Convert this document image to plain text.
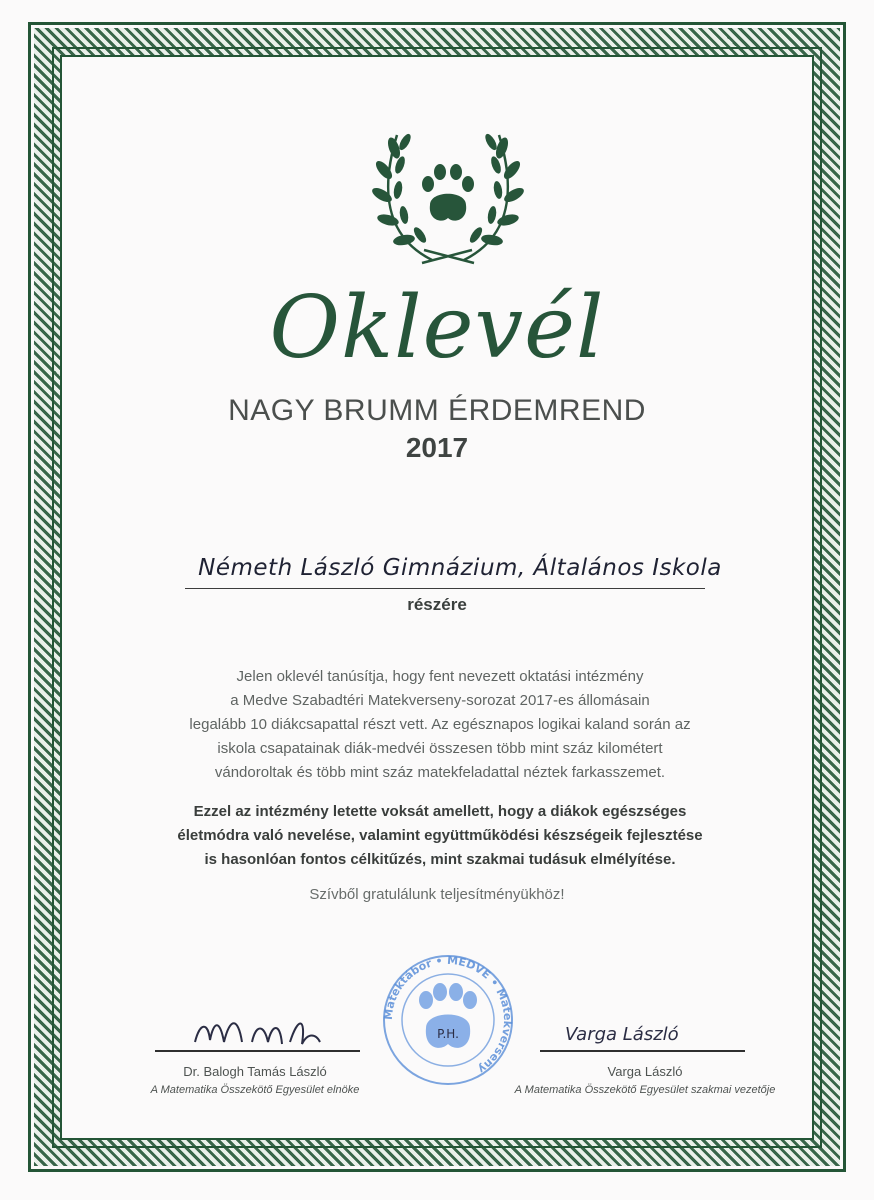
Oklevél
NAGY BRUMM ÉRDEMREND
2017
Németh László Gimnázium, Általános Iskola
részére
Jelen oklevél tanúsítja, hogy fent nevezett oktatási intézmény
a Medve Szabadtéri Matekverseny-sorozat 2017-es állomásain
legalább 10 diákcsapattal részt vett. Az egésznapos logikai kaland során az
iskola csapatainak diák-medvéi összesen több mint száz kilométert
vándoroltak és több mint száz matekfeladattal néztek farkasszemet.
Ezzel az intézmény letette voksát amellett, hogy a diákok egészséges
életmódra való nevelése, valamint együttműködési készségeik fejlesztése
is hasonlóan fontos célkitűzés, mint szakmai tudásuk elmélyítése.
Szívből gratulálunk teljesítményükhöz!
Dr. Balogh Tamás László
A Matematika Összekötő Egyesület elnöke
Varga László
Varga László
A Matematika Összekötő Egyesület szakmai vezetője
Matektábor • MEDVE • Matekverseny
P.H.
